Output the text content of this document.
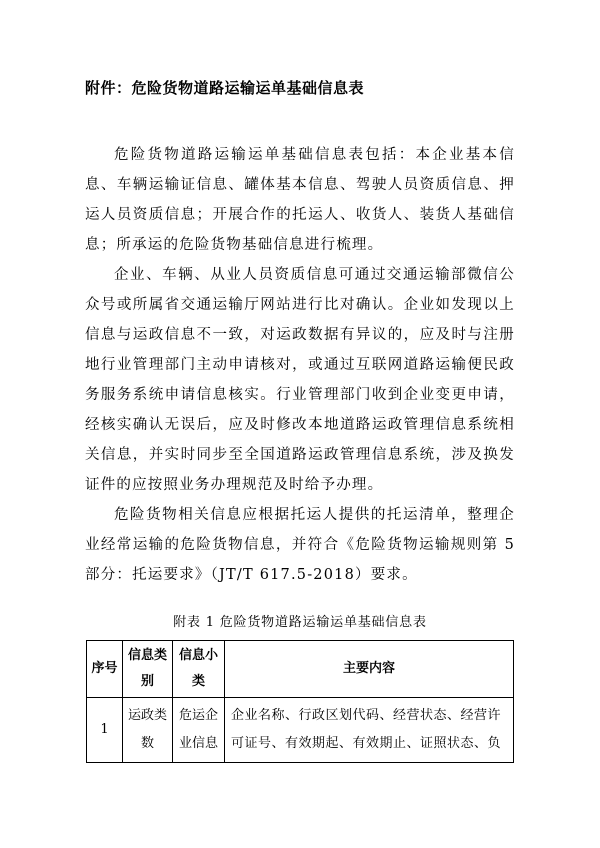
附件：危险货物道路运输运单基础信息表

危险货物道路运输运单基础信息表包括：本企业基本信息、车辆运输证信息、罐体基本信息、驾驶人员资质信息、押运人员资质信息；开展合作的托运人、收货人、装货人基础信息；所承运的危险货物基础信息进行梳理。

企业、车辆、从业人员资质信息可通过交通运输部微信公众号或所属省交通运输厅网站进行比对确认。企业如发现以上信息与运政信息不一致，对运政数据有异议的，应及时与注册地行业管理部门主动申请核对，或通过互联网道路运输便民政务服务系统申请信息核实。行业管理部门收到企业变更申请，经核实确认无误后，应及时修改本地道路运政管理信息系统相关信息，并实时同步至全国道路运政管理信息系统，涉及换发证件的应按照业务办理规范及时给予办理。

危险货物相关信息应根据托运人提供的托运清单，整理企业经常运输的危险货物信息，并符合《危险货物运输规则第 5 部分：托运要求》（JT/T 617.5-2018）要求。

附表 1 危险货物道路运输运单基础信息表
序号	信息类别	信息小类	主要内容
1	运政类数	危运企业信息	企业名称、行政区划代码、经营状态、经营许可证号、有效期起、有效期止、证照状态、负
